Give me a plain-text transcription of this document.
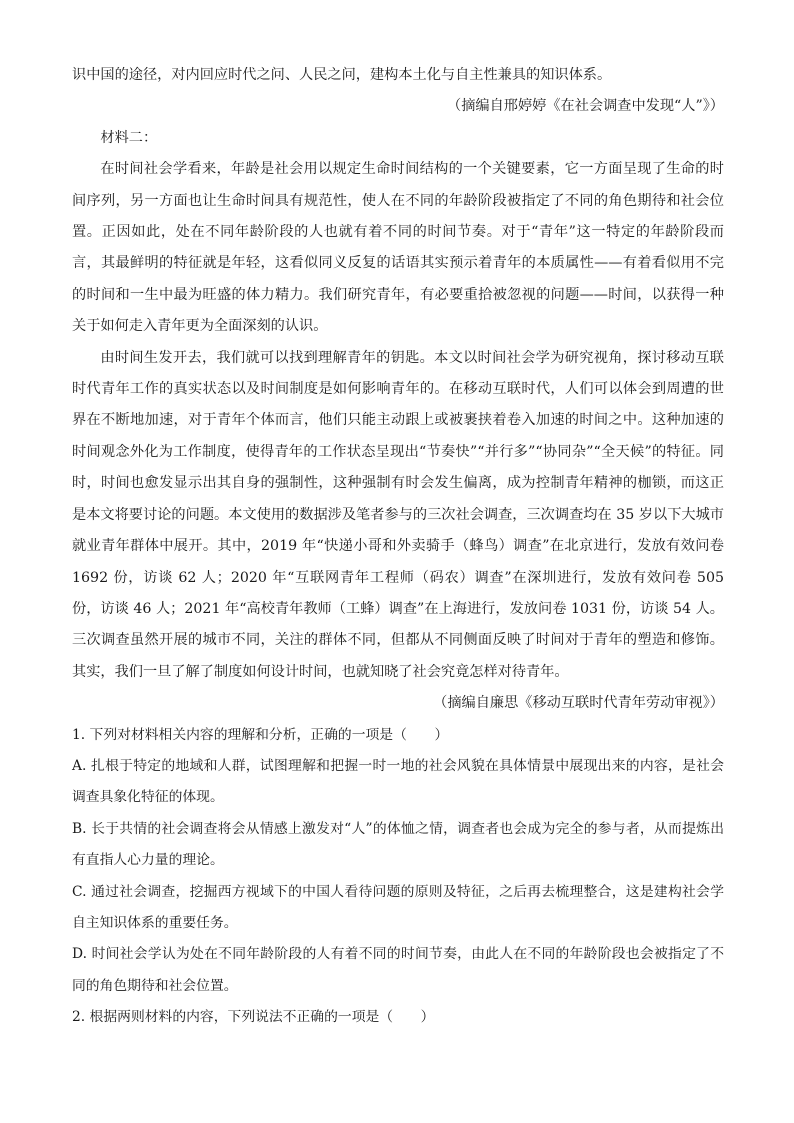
识中国的途径，对内回应时代之问、人民之问，建构本土化与自主性兼具的知识体系。

（摘编自邢婷婷《在社会调查中发现“人”》）

材料二：

在时间社会学看来，年龄是社会用以规定生命时间结构的一个关键要素，它一方面呈现了生命的时间序列，另一方面也让生命时间具有规范性，使人在不同的年龄阶段被指定了不同的角色期待和社会位置。正因如此，处在不同年龄阶段的人也就有着不同的时间节奏。对于“青年”这一特定的年龄阶段而言，其最鲜明的特征就是年轻，这看似同义反复的话语其实预示着青年的本质属性——有着看似用不完的时间和一生中最为旺盛的体力精力。我们研究青年，有必要重拾被忽视的问题——时间，以获得一种关于如何走入青年更为全面深刻的认识。

由时间生发开去，我们就可以找到理解青年的钥匙。本文以时间社会学为研究视角，探讨移动互联时代青年工作的真实状态以及时间制度是如何影响青年的。在移动互联时代，人们可以体会到周遭的世界在不断地加速，对于青年个体而言，他们只能主动跟上或被裹挟着卷入加速的时间之中。这种加速的时间观念外化为工作制度，使得青年的工作状态呈现出“节奏快”“并行多”“协同杂”“全天候”的特征。同时，时间也愈发显示出其自身的强制性，这种强制有时会发生偏离，成为控制青年精神的枷锁，而这正是本文将要讨论的问题。本文使用的数据涉及笔者参与的三次社会调查，三次调查均在 35 岁以下大城市就业青年群体中展开。其中，2019 年“快递小哥和外卖骑手（蜂鸟）调查”在北京进行，发放有效问卷 1692 份，访谈 62 人；2020 年“互联网青年工程师（码农）调查”在深圳进行，发放有效问卷 505 份，访谈 46 人；2021 年“高校青年教师（工蜂）调查”在上海进行，发放问卷 1031 份，访谈 54 人。三次调查虽然开展的城市不同，关注的群体不同，但都从不同侧面反映了时间对于青年的塑造和修饰。其实，我们一旦了解了制度如何设计时间，也就知晓了社会究竟怎样对待青年。

（摘编自廉思《移动互联时代青年劳动审视》）

1. 下列对材料相关内容的理解和分析，正确的一项是（　　）

A. 扎根于特定的地域和人群，试图理解和把握一时一地的社会风貌在具体情景中展现出来的内容，是社会调查具象化特征的体现。

B. 长于共情的社会调查将会从情感上激发对“人”的体恤之情，调查者也会成为完全的参与者，从而提炼出有直指人心力量的理论。

C. 通过社会调查，挖掘西方视域下的中国人看待问题的原则及特征，之后再去梳理整合，这是建构社会学自主知识体系的重要任务。

D. 时间社会学认为处在不同年龄阶段的人有着不同的时间节奏，由此人在不同的年龄阶段也会被指定了不同的角色期待和社会位置。

2. 根据两则材料的内容，下列说法不正确的一项是（　　）
